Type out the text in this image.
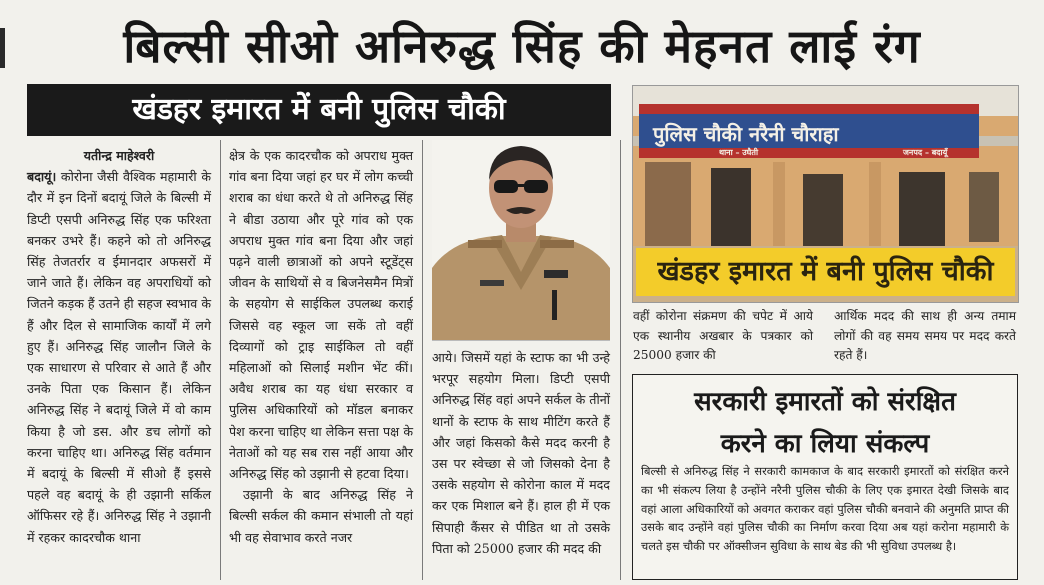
बिल्सी सीओ अनिरुद्ध सिंह की मेहनत लाई रंग
खंडहर इमारत में बनी पुलिस चौकी
यतीन्द्र माहेश्वरी

बदायूं। कोरोना जैसी वैश्विक महामारी के दौर में इन दिनों बदायूं जिले के बिल्सी में डिप्टी एसपी अनिरुद्ध सिंह एक फरिश्ता बनकर उभरे हैं। कहने को तो अनिरुद्ध सिंह तेजतर्रार व ईमानदार अफसरों में जाने जाते हैं। लेकिन वह अपराधियों को जितने कड़क हैं उतने ही सहज स्वभाव के हैं और दिल से सामाजिक कार्यों में लगे हुए हैं। अनिरुद्ध सिंह जालौन जिले के एक साधारण से परिवार से आते हैं और उनके पिता एक किसान हैं। लेकिन अनिरुद्ध सिंह ने बदायूं जिले में वो काम किया है जो डस. और डच लोगों को करना चाहिए था। अनिरुद्ध सिंह वर्तमान में बदायूं के बिल्सी में सीओ हैं इससे पहले वह बदायूं के ही उझानी सर्किल ऑफिसर रहे हैं। अनिरुद्ध सिंह ने उझानी में रहकर कादरचौक थाना

क्षेत्र के एक कादरचौक को अपराध मुक्त गांव बना दिया जहां हर घर में लोग कच्ची शराब का धंधा करते थे तो अनिरुद्ध सिंह ने बीडा उठाया और पूरे गांव को एक अपराध मुक्त गांव बना दिया और जहां पढ़ने वाली छात्राओं को अपने स्टूडेंट्स जीवन के साथियों से व बिजनेसमैन मित्रों के सहयोग से साईकिल उपलब्ध कराई जिससे वह स्कूल जा सकें तो वहीं दिव्यागों को ट्राइ साईकिल तो वहीं महिलाओं को सिलाई मशीन भेंट कीं। अवैध शराब का यह धंधा सरकार व पुलिस अधिकारियों को मॉडल बनाकर पेश करना चाहिए था लेकिन सत्ता पक्ष के नेताओं को यह सब रास नहीं आया और अनिरुद्ध सिंह को उझानी से हटवा दिया।

उझानी के बाद अनिरुद्ध सिंह ने बिल्सी सर्कल की कमान संभाली तो यहां भी वह सेवाभाव करते नजर

आये। जिसमें यहां के स्टाफ का भी उन्हे भरपूर सहयोग मिला। डिप्टी एसपी अनिरुद्ध सिंह वहां अपने सर्कल के तीनों थानों के स्टाफ के साथ मीटिंग करते हैं और जहां किसको कैसे मदद करनी है उस पर स्वेच्छा से जो जिसको देना है उसके सहयोग से कोरोना काल में मदद कर एक मिशाल बने हैं। हाल ही में एक सिपाही कैंसर से पीडित था तो उसके पिता को 25000 हजार की मदद की

पुलिस चौकी नरैनी चौराहा
थाना – उघैती	जनपद – बदायूँ
खंडहर इमारत में बनी पुलिस चौकी

वहीं कोरोना संक्रमण की चपेट में आये एक स्थानीय अखबार के पत्रकार को 25000 हजार की

आर्थिक मदद की साथ ही अन्य तमाम लोगों की वह समय समय पर मदद करते रहते हैं।

सरकारी इमारतों को संरक्षित
करने का लिया संकल्प
बिल्सी से अनिरुद्ध सिंह ने सरकारी कामकाज के बाद सरकारी इमारतों को संरक्षित करने का भी संकल्प लिया है उन्होंने नरैनी पुलिस चौकी के लिए एक इमारत देखी जिसके बाद वहां आला अधिकारियों को अवगत कराकर वहां पुलिस चौकी बनवाने की अनुमति प्राप्त की उसके बाद उन्होंने वहां पुलिस चौकी का निर्माण करवा दिया अब यहां करोना महामारी के चलते इस चौकी पर ऑक्सीजन सुविधा के साथ बेड की भी सुविधा उपलब्ध है।
